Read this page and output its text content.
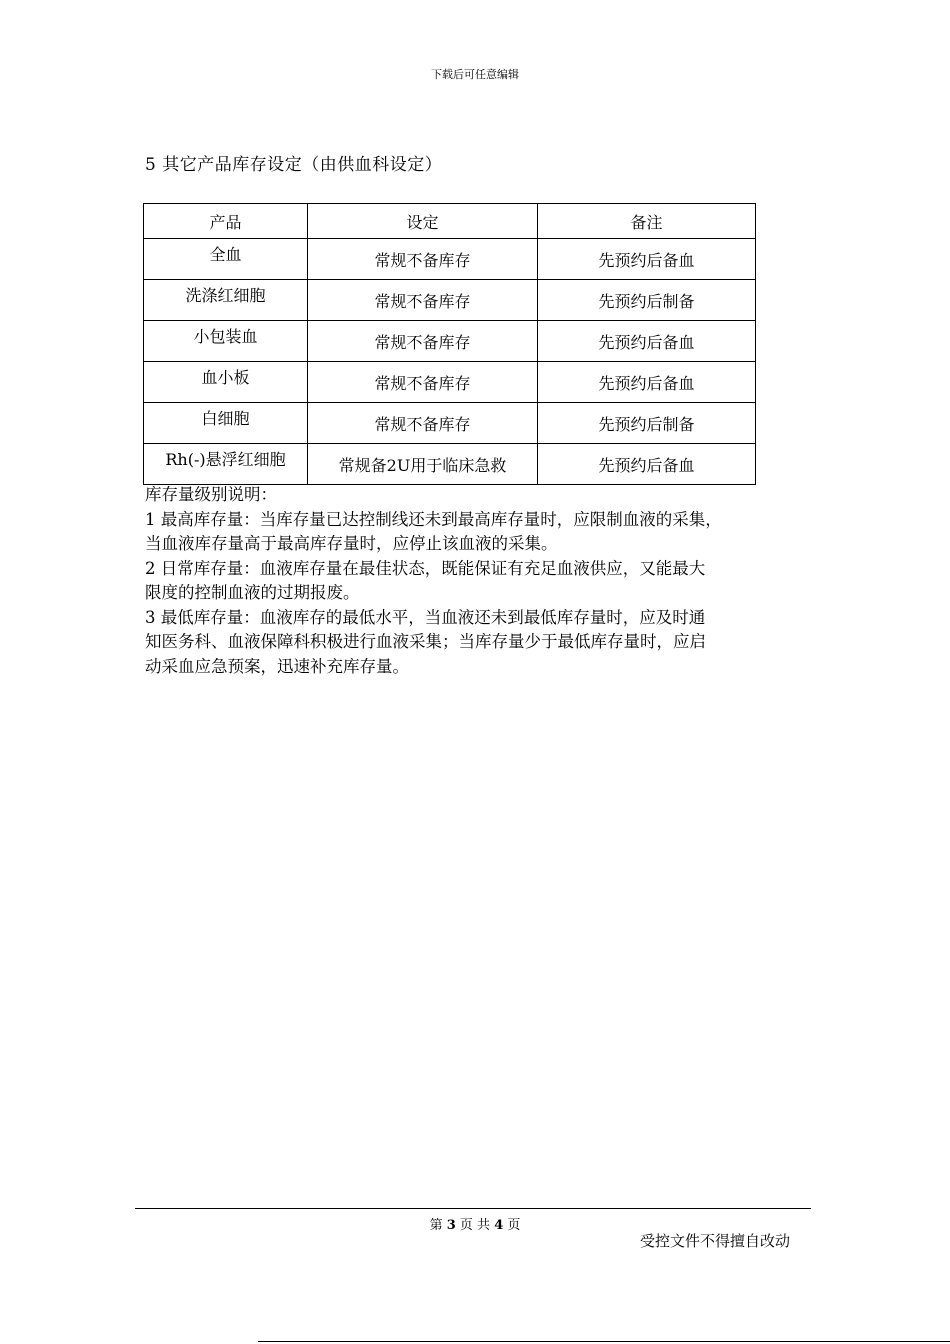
下载后可任意编辑
5 其它产品库存设定（由供血科设定）
产品	设定	备注
全血	常规不备库存	先预约后备血
洗涤红细胞	常规不备库存	先预约后制备
小包装血	常规不备库存	先预约后备血
血小板	常规不备库存	先预约后备血
白细胞	常规不备库存	先预约后制备
Rh(-)悬浮红细胞	常规备2U用于临床急救	先预约后备血

库存量级别说明：

1 最高库存量：当库存量已达控制线还未到最高库存量时，应限制血液的采集，

当血液库存量高于最高库存量时，应停止该血液的采集。

2 日常库存量：血液库存量在最佳状态，既能保证有充足血液供应，又能最大

限度的控制血液的过期报废。

3 最低库存量：血液库存的最低水平，当血液还未到最低库存量时，应及时通

知医务科、血液保障科积极进行血液采集；当库存量少于最低库存量时，应启

动采血应急预案，迅速补充库存量。

第 3 页 共 4 页
受控文件不得擅自改动
